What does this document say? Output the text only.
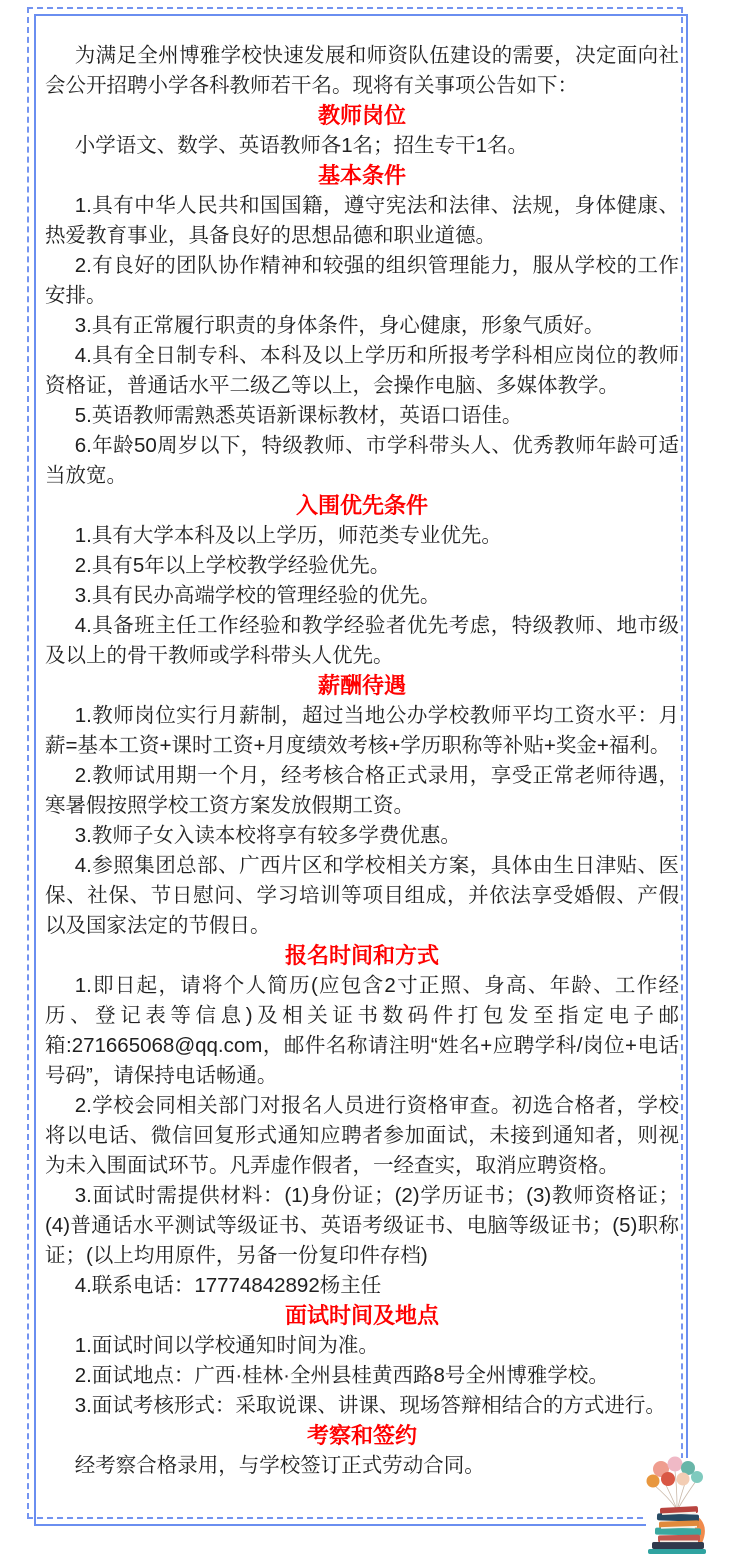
为满足全州博雅学校快速发展和师资队伍建设的需要，决定面向社会公开招聘小学各科教师若干名。现将有关事项公告如下：
教师岗位
小学语文、数学、英语教师各1名；招生专干1名。
基本条件
1.具有中华人民共和国国籍，遵守宪法和法律、法规，身体健康、热爱教育事业，具备良好的思想品德和职业道德。
2.有良好的团队协作精神和较强的组织管理能力，服从学校的工作安排。
3.具有正常履行职责的身体条件，身心健康，形象气质好。
4.具有全日制专科、本科及以上学历和所报考学科相应岗位的教师资格证，普通话水平二级乙等以上，会操作电脑、多媒体教学。
5.英语教师需熟悉英语新课标教材，英语口语佳。
6.年龄50周岁以下，特级教师、市学科带头人、优秀教师年龄可适当放宽。
入围优先条件
1.具有大学本科及以上学历，师范类专业优先。
2.具有5年以上学校教学经验优先。
3.具有民办高端学校的管理经验的优先。
4.具备班主任工作经验和教学经验者优先考虑，特级教师、地市级及以上的骨干教师或学科带头人优先。
薪酬待遇
1.教师岗位实行月薪制，超过当地公办学校教师平均工资水平：月薪=基本工资+课时工资+月度绩效考核+学历职称等补贴+奖金+福利。
2.教师试用期一个月，经考核合格正式录用，享受正常老师待遇，寒暑假按照学校工资方案发放假期工资。
3.教师子女入读本校将享有较多学费优惠。
4.参照集团总部、广西片区和学校相关方案，具体由生日津贴、医保、社保、节日慰问、学习培训等项目组成，并依法享受婚假、产假以及国家法定的节假日。
报名时间和方式
1.即日起，请将个人简历(应包含2寸正照、身高、年龄、工作经历、登记表等信息)及相关证书数码件打包发至指定电子邮箱:271665068@qq.com，邮件名称请注明“姓名+应聘学科/岗位+电话号码”，请保持电话畅通。
2.学校会同相关部门对报名人员进行资格审查。初选合格者，学校将以电话、微信回复形式通知应聘者参加面试，未接到通知者，则视为未入围面试环节。凡弄虚作假者，一经查实，取消应聘资格。
3.面试时需提供材料：(1)身份证；(2)学历证书；(3)教师资格证；(4)普通话水平测试等级证书、英语考级证书、电脑等级证书；(5)职称证；(以上均用原件，另备一份复印件存档)
4.联系电话：17774842892杨主任
面试时间及地点
1.面试时间以学校通知时间为准。
2.面试地点：广西·桂林·全州县桂黄西路8号全州博雅学校。
3.面试考核形式：采取说课、讲课、现场答辩相结合的方式进行。
考察和签约
经考察合格录用，与学校签订正式劳动合同。
